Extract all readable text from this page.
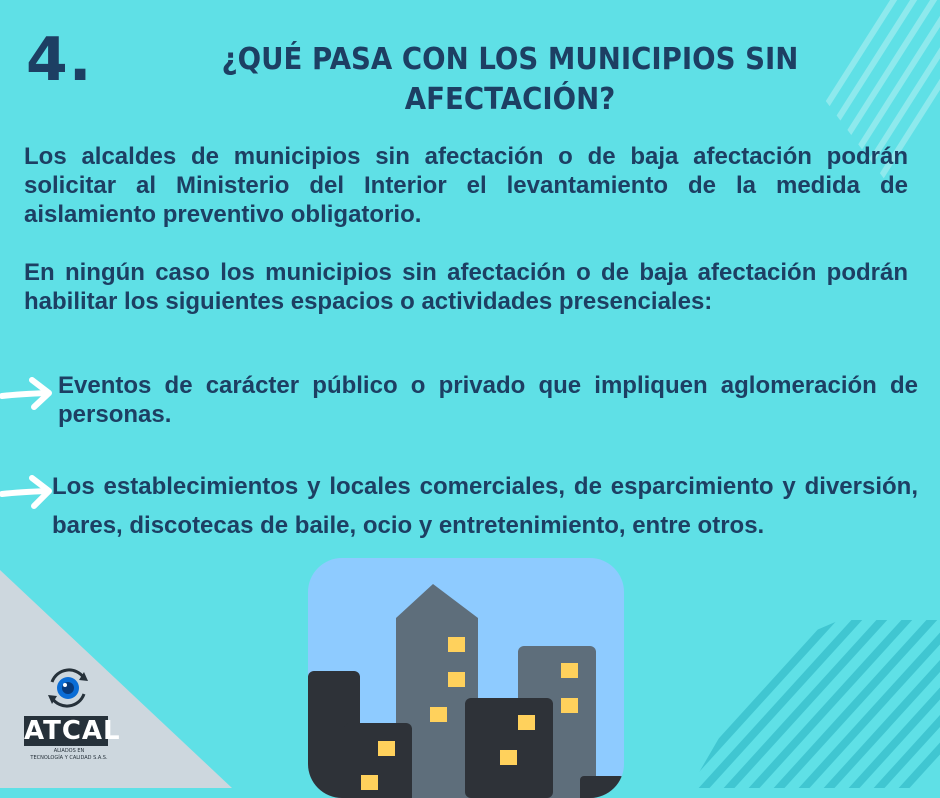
4.	¿QUÉ PASA CON LOS MUNICIPIOS SIN AFECTACIÓN?
Los alcaldes de municipios sin afectación o de baja afectación podrán solicitar al Ministerio del Interior el levantamiento de la medida de aislamiento preventivo obligatorio.
En ningún caso los municipios sin afectación o de baja afectación podrán habilitar los siguientes espacios o actividades presenciales:
Eventos de carácter público o privado que impliquen aglomeración de personas.
Los establecimientos y locales comerciales, de esparcimiento y diversión, bares, discotecas de baile, ocio y entretenimiento, entre otros.
ATCAL
ALIADOS EN
TECNOLOGÍA Y CALIDAD S.A.S.
